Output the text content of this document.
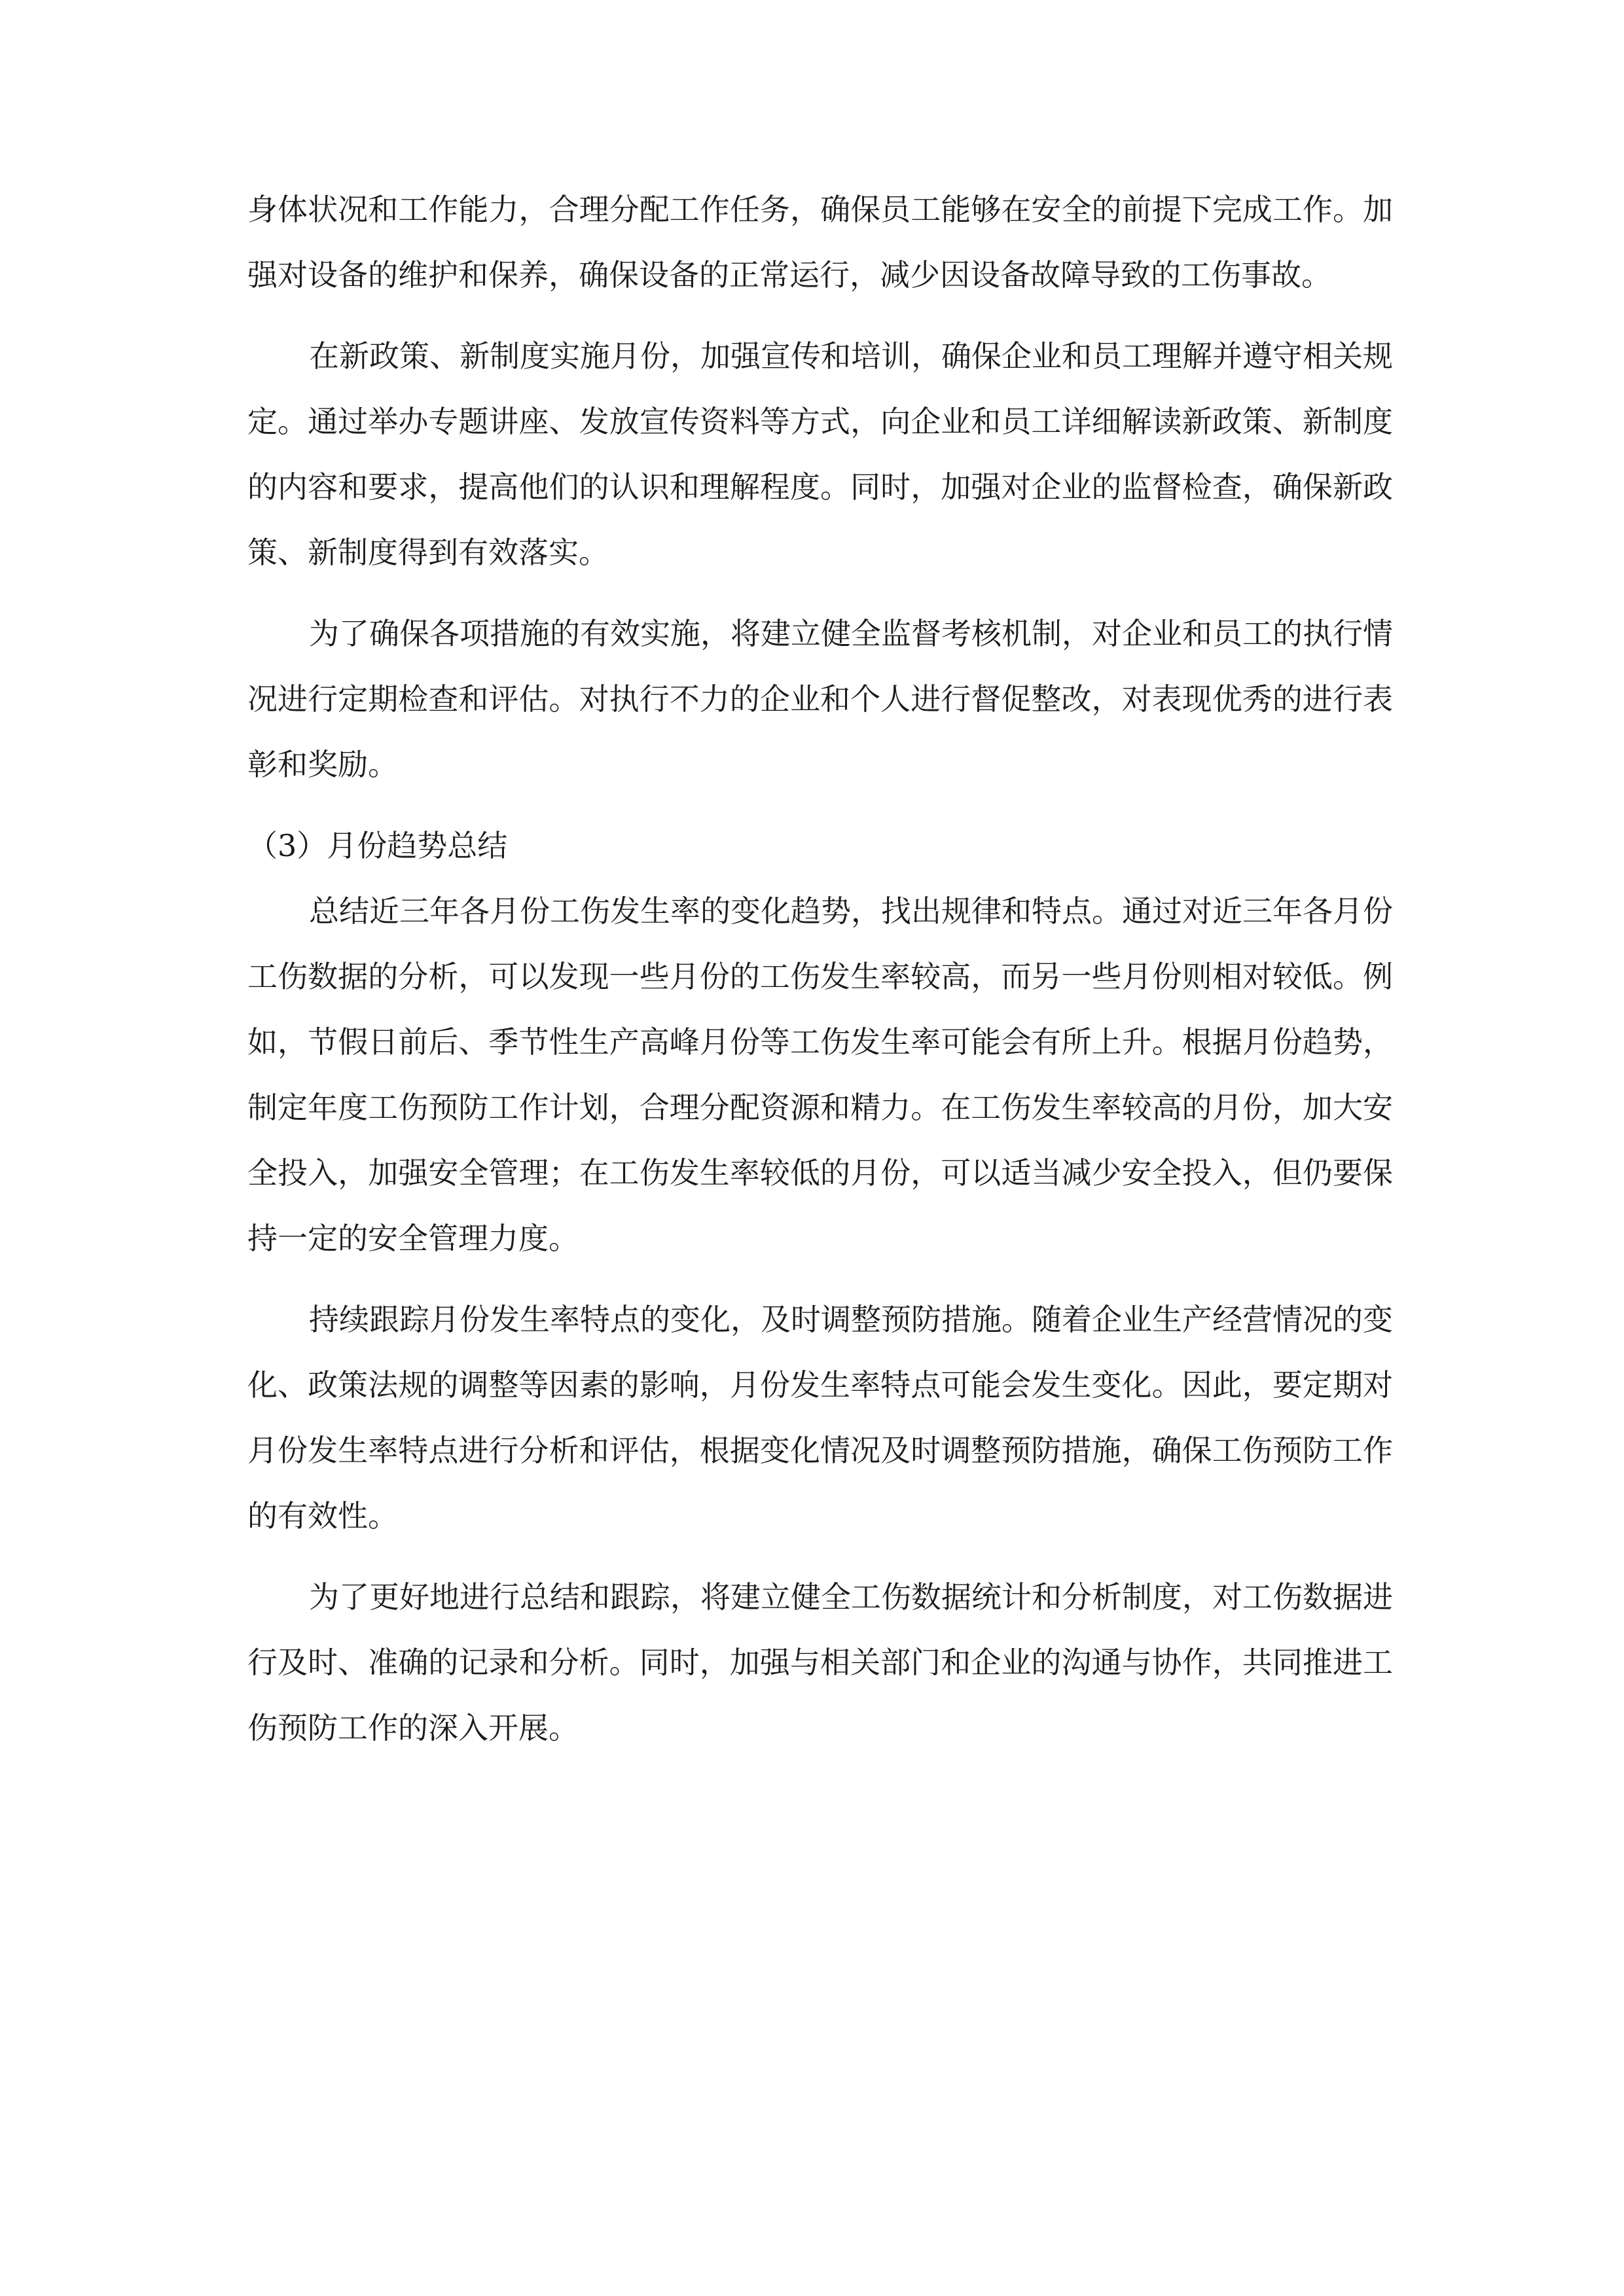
身体状况和工作能力，合理分配工作任务，确保员工能够在安全的前提下完成工作。加强对设备的维护和保养，确保设备的正常运行，减少因设备故障导致的工伤事故。

在新政策、新制度实施月份，加强宣传和培训，确保企业和员工理解并遵守相关规定。通过举办专题讲座、发放宣传资料等方式，向企业和员工详细解读新政策、新制度的内容和要求，提高他们的认识和理解程度。同时，加强对企业的监督检查，确保新政策、新制度得到有效落实。

为了确保各项措施的有效实施，将建立健全监督考核机制，对企业和员工的执行情况进行定期检查和评估。对执行不力的企业和个人进行督促整改，对表现优秀的进行表彰和奖励。

（3）月份趋势总结

总结近三年各月份工伤发生率的变化趋势，找出规律和特点。通过对近三年各月份工伤数据的分析，可以发现一些月份的工伤发生率较高，而另一些月份则相对较低。例如，节假日前后、季节性生产高峰月份等工伤发生率可能会有所上升。根据月份趋势，制定年度工伤预防工作计划，合理分配资源和精力。在工伤发生率较高的月份，加大安全投入，加强安全管理；在工伤发生率较低的月份，可以适当减少安全投入，但仍要保持一定的安全管理力度。

持续跟踪月份发生率特点的变化，及时调整预防措施。随着企业生产经营情况的变化、政策法规的调整等因素的影响，月份发生率特点可能会发生变化。因此，要定期对月份发生率特点进行分析和评估，根据变化情况及时调整预防措施，确保工伤预防工作的有效性。

为了更好地进行总结和跟踪，将建立健全工伤数据统计和分析制度，对工伤数据进行及时、准确的记录和分析。同时，加强与相关部门和企业的沟通与协作，共同推进工伤预防工作的深入开展。
